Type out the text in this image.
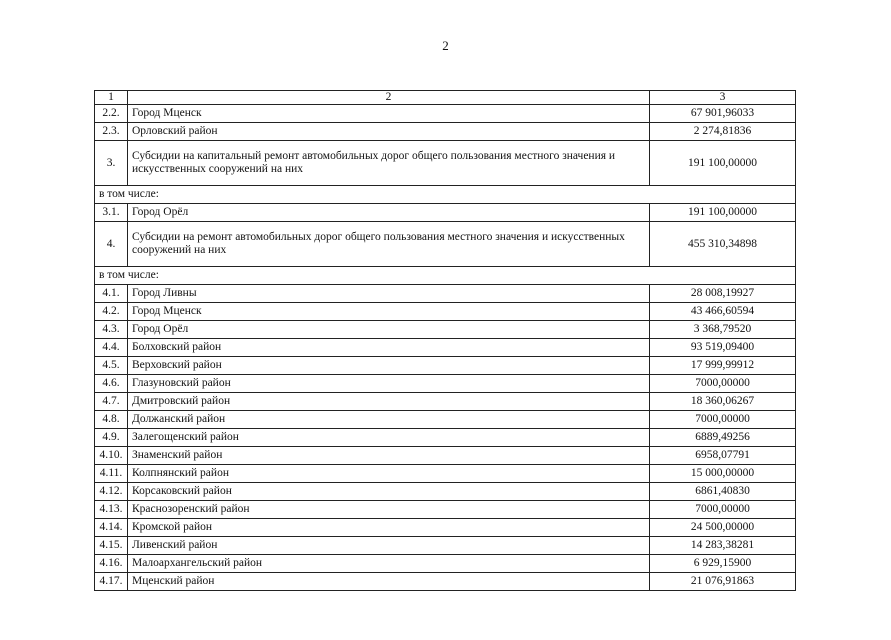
2
1	2	3
2.2.	Город Мценск	67 901,96033
2.3.	Орловский район	2 274,81836
3.	Субсидии на капитальный ремонт автомобильных дорог общего пользования местного значения и искусственных сооружений на них	191 100,00000
в том числе:		
3.1.	Город Орёл	191 100,00000
4.	Субсидии на ремонт автомобильных дорог общего пользования местного значения и искусственных сооружений на них	455 310,34898
в том числе:		
4.1.	Город Ливны	28 008,19927
4.2.	Город Мценск	43 466,60594
4.3.	Город Орёл	3 368,79520
4.4.	Болховский район	93 519,09400
4.5.	Верховский район	17 999,99912
4.6.	Глазуновский район	7000,00000
4.7.	Дмитровский район	18 360,06267
4.8.	Должанский район	7000,00000
4.9.	Залегощенский район	6889,49256
4.10.	Знаменский район	6958,07791
4.11.	Колпнянский район	15 000,00000
4.12.	Корсаковский район	6861,40830
4.13.	Краснозоренский район	7000,00000
4.14.	Кромской район	24 500,00000
4.15.	Ливенский район	14 283,38281
4.16.	Малоархангельский район	6 929,15900
4.17.	Мценский район	21 076,91863
